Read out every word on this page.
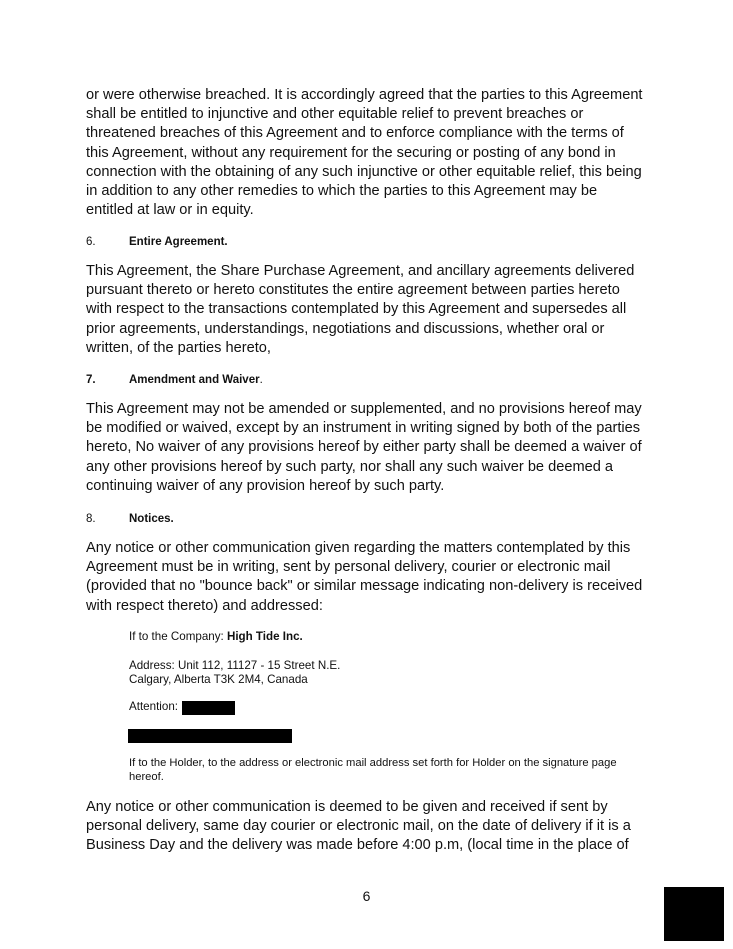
or were otherwise breached. It is accordingly agreed that the parties to this Agreement shall be entitled to injunctive and other equitable relief to prevent breaches or threatened breaches of this Agreement and to enforce compliance with the terms of this Agreement, without any requirement for the securing or posting of any bond in connection with the obtaining of any such injunctive or other equitable relief, this being in addition to any other remedies to which the parties to this Agreement may be entitled at law or in equity.

6.	Entire Agreement.

This Agreement, the Share Purchase Agreement, and ancillary agreements delivered pursuant thereto or hereto constitutes the entire agreement between parties hereto with respect to the transactions contemplated by this Agreement and supersedes all prior agreements, understandings, negotiations and discussions, whether oral or written, of the parties hereto,

7.	Amendment and Waiver.

This Agreement may not be amended or supplemented, and no provisions hereof may be modified or waived, except by an instrument in writing signed by both of the parties hereto, No waiver of any provisions hereof by either party shall be deemed a waiver of any other provisions hereof by such party, nor shall any such waiver be deemed a continuing waiver of any provision hereof by such party.

8.	Notices.

Any notice or other communication given regarding the matters contemplated by this Agreement must be in writing, sent by personal delivery, courier or electronic mail (provided that no "bounce back" or similar message indicating non-delivery is received with respect thereto) and addressed:

If to the Company: High Tide Inc.

Address: Unit 112, 11127 - 15 Street N.E.
Calgary, Alberta T3K 2M4, Canada

Attention:

If to the Holder, to the address or electronic mail address set forth for Holder on the signature page hereof.

Any notice or other communication is deemed to be given and received if sent by personal delivery, same day courier or electronic mail, on the date of delivery if it is a Business Day and the delivery was made before 4:00 p.m, (local time in the place of

6
